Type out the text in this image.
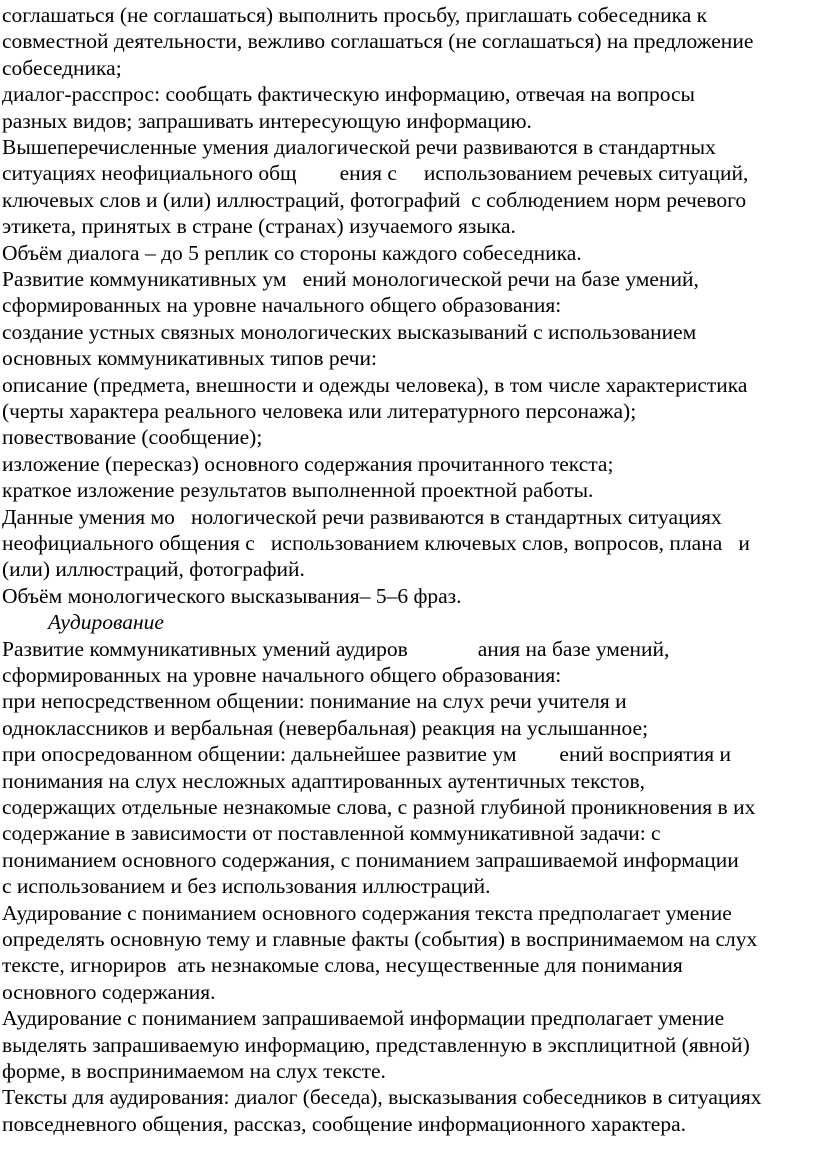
соглашаться (не соглашаться) выполнить просьбу, приглашать собеседника к
совместной деятельности, вежливо соглашаться (не соглашаться) на предложение
собеседника;
диалог-расспрос: сообщать фактическую информацию, отвечая на вопросы
разных видов; запрашивать интересующую информацию.
Вышеперечисленные умения диалогической речи развиваются в стандартных
ситуациях неофициального общ        ения с     использованием речевых ситуаций,
ключевых слов и (или) иллюстраций, фотографий  с соблюдением норм речевого
этикета, принятых в стране (странах) изучаемого языка.
Объём диалога – до 5 реплик со стороны каждого собеседника.
Развитие коммуникативных ум   ений монологической речи на базе умений,
сформированных на уровне начального общего образования:
создание устных связных монологических высказываний с использованием
основных коммуникативных типов речи:
описание (предмета, внешности и одежды человека), в том числе характеристика
(черты характера реального человека или литературного персонажа);
повествование (сообщение);
изложение (пересказ) основного содержания прочитанного текста;
краткое изложение результатов выполненной проектной работы.
Данные умения мо   нологической речи развиваются в стандартных ситуациях
неофициального общения с   использованием ключевых слов, вопросов, плана   и
(или) иллюстраций, фотографий.
Объём монологического высказывания– 5–6 фраз.
Аудирование
Развитие коммуникативных умений аудиров             ания на базе умений,
сформированных на уровне начального общего образования:
при непосредственном общении: понимание на слух речи учителя и
одноклассников и вербальная (невербальная) реакция на услышанное;
при опосредованном общении: дальнейшее развитие ум        ений восприятия и
понимания на слух несложных адаптированных аутентичных текстов,
содержащих отдельные незнакомые слова, с разной глубиной проникновения в их
содержание в зависимости от поставленной коммуникативной задачи: с
пониманием основного содержания, с пониманием запрашиваемой информации
с использованием и без использования иллюстраций.
Аудирование с пониманием основного содержания текста предполагает умение
определять основную тему и главные факты (события) в воспринимаемом на слух
тексте, игнориров  ать незнакомые слова, несущественные для понимания
основного содержания.
Аудирование с пониманием запрашиваемой информации предполагает умение
выделять запрашиваемую информацию, представленную в эксплицитной (явной)
форме, в воспринимаемом на слух тексте.
Тексты для аудирования: диалог (беседа), высказывания собеседников в ситуациях
повседневного общения, рассказ, сообщение информационного характера.
